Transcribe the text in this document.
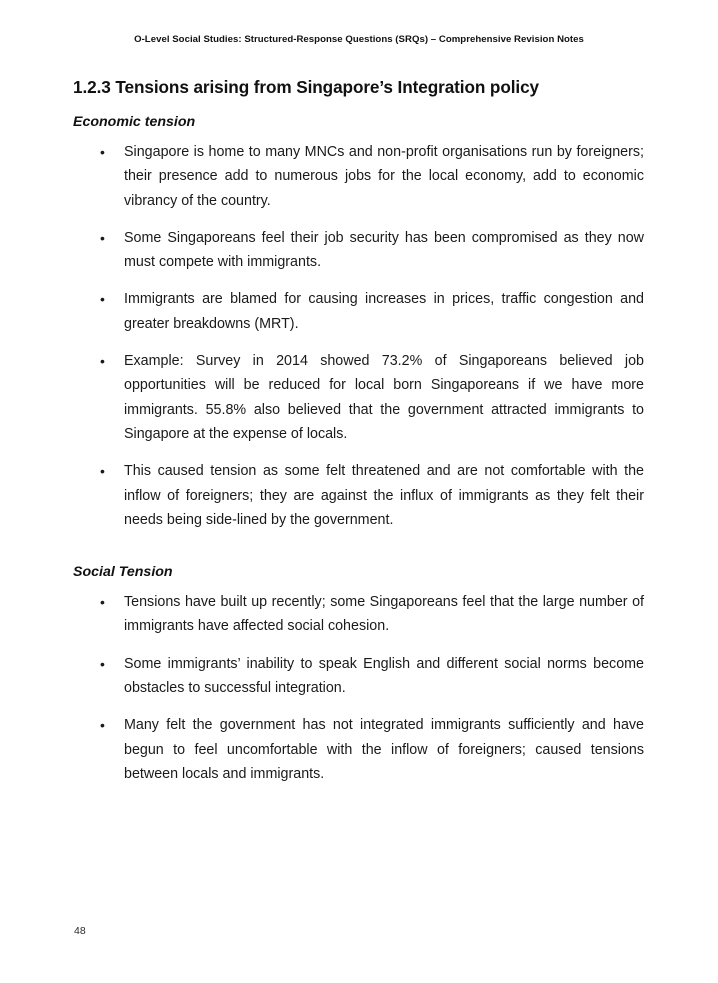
O-Level Social Studies: Structured-Response Questions (SRQs) – Comprehensive Revision Notes
1.2.3 Tensions arising from Singapore’s Integration policy
Economic tension
•	Singapore is home to many MNCs and non-profit organisations run by foreigners; their presence add to numerous jobs for the local economy, add to economic vibrancy of the country.
•	Some Singaporeans feel their job security has been compromised as they now must compete with immigrants.
•	Immigrants are blamed for causing increases in prices, traffic congestion and greater breakdowns (MRT).
•	Example: Survey in 2014 showed 73.2% of Singaporeans believed job opportunities will be reduced for local born Singaporeans if we have more immigrants. 55.8% also believed that the government attracted immigrants to Singapore at the expense of locals.
•	This caused tension as some felt threatened and are not comfortable with the inflow of foreigners; they are against the influx of immigrants as they felt their needs being side-lined by the government.
Social Tension
•	Tensions have built up recently; some Singaporeans feel that the large number of immigrants have affected social cohesion.
•	Some immigrants’ inability to speak English and different social norms become obstacles to successful integration.
•	Many felt the government has not integrated immigrants sufficiently and have begun to feel uncomfortable with the inflow of foreigners; caused tensions between locals and immigrants.
48
